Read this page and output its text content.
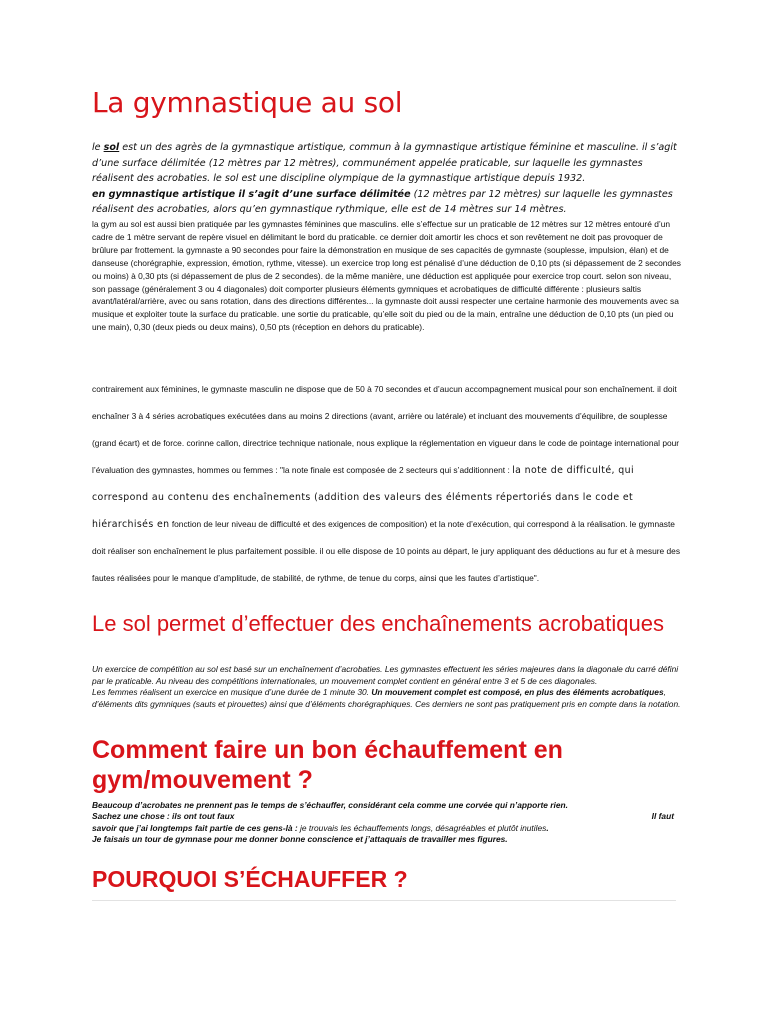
La gymnastique au sol

le sol est un des agrès de la gymnastique artistique, commun à la gymnastique artistique féminine et masculine. il s’agit d’une surface délimitée (12 mètres par 12 mètres), communément appelée praticable, sur laquelle les gymnastes réalisent des acrobaties. le sol est une discipline olympique de la gymnastique artistique depuis 1932.
en gymnastique artistique il s’agit d’une surface délimitée (12 mètres par 12 mètres) sur laquelle les gymnastes réalisent des acrobaties, alors qu’en gymnastique rythmique, elle est de 14 mètres sur 14 mètres.

la gym au sol est aussi bien pratiquée par les gymnastes féminines que masculins. elle s’effectue sur un praticable de 12 mètres sur 12 mètres entouré d’un cadre de 1 mètre servant de repère visuel en délimitant le bord du praticable. ce dernier doit amortir les chocs et son revêtement ne doit pas provoquer de brûlure par frottement. la gymnaste a 90 secondes pour faire la démonstration en musique de ses capacités de gymnaste (souplesse, impulsion, élan) et de danseuse (chorégraphie, expression, émotion, rythme, vitesse). un exercice trop long est pénalisé d’une déduction de 0,10 pts (si dépassement de 2 secondes ou moins) à 0,30 pts (si dépassement de plus de 2 secondes). de la même manière, une déduction est appliquée pour exercice trop court. selon son niveau, son passage (généralement 3 ou 4 diagonales) doit comporter plusieurs éléments gymniques et acrobatiques de difficulté différente : plusieurs saltis avant/latéral/arrière, avec ou sans rotation, dans des directions différentes... la gymnaste doit aussi respecter une certaine harmonie des mouvements avec sa musique et exploiter toute la surface du praticable. une sortie du praticable, qu’elle soit du pied ou de la main, entraîne une déduction de 0,10 pts (un pied ou une main), 0,30 (deux pieds ou deux mains), 0,50 pts (réception en dehors du praticable).

contrairement aux féminines, le gymnaste masculin ne dispose que de 50 à 70 secondes et d’aucun accompagnement musical pour son enchaînement. il doit enchaîner 3 à 4 séries acrobatiques exécutées dans au moins 2 directions (avant, arrière ou latérale) et incluant des mouvements d’équilibre, de souplesse (grand écart) et de force. corinne callon, directrice technique nationale, nous explique la réglementation en vigueur dans le code de pointage international pour l’évaluation des gymnastes, hommes ou femmes : "la note finale est composée de 2 secteurs qui s’additionnent : la note de difficulté, qui correspond au contenu des enchaînements (addition des valeurs des éléments répertoriés dans le code et hiérarchisés en fonction de leur niveau de difficulté et des exigences de composition) et la note d’exécution, qui correspond à la réalisation. le gymnaste doit réaliser son enchaînement le plus parfaitement possible. il ou elle dispose de 10 points au départ, le jury appliquant des déductions au fur et à mesure des fautes réalisées pour le manque d’amplitude, de stabilité, de rythme, de tenue du corps, ainsi que les fautes d’artistique".

Le sol permet d’effectuer des enchaînements acrobatiques

Un exercice de compétition au sol est basé sur un enchaînement d’acrobaties. Les gymnastes effectuent les séries majeures dans la diagonale du carré défini par le praticable. Au niveau des compétitions internationales, un mouvement complet contient en général entre 3 et 5 de ces diagonales.
Les femmes réalisent un exercice en musique d’une durée de 1 minute 30. Un mouvement complet est composé, en plus des éléments acrobatiques, d’éléments dits gymniques (sauts et pirouettes) ainsi que d’éléments chorégraphiques. Ces derniers ne sont pas pratiquement pris en compte dans la notation.

Comment faire un bon échauffement en gym/mouvement ?
Beaucoup d’acrobates ne prennent pas le temps de s’échauffer, considérant cela comme une corvée qui n’apporte rien.
Il faut
Sachez une chose : ils ont tout faux
savoir que j’ai longtemps fait partie de ces gens-là : je trouvais les échauffements longs, désagréables et plutôt inutiles.
Je faisais un tour de gymnase pour me donner bonne conscience et j’attaquais de travailler mes figures.
POURQUOI S’ÉCHAUFFER ?
